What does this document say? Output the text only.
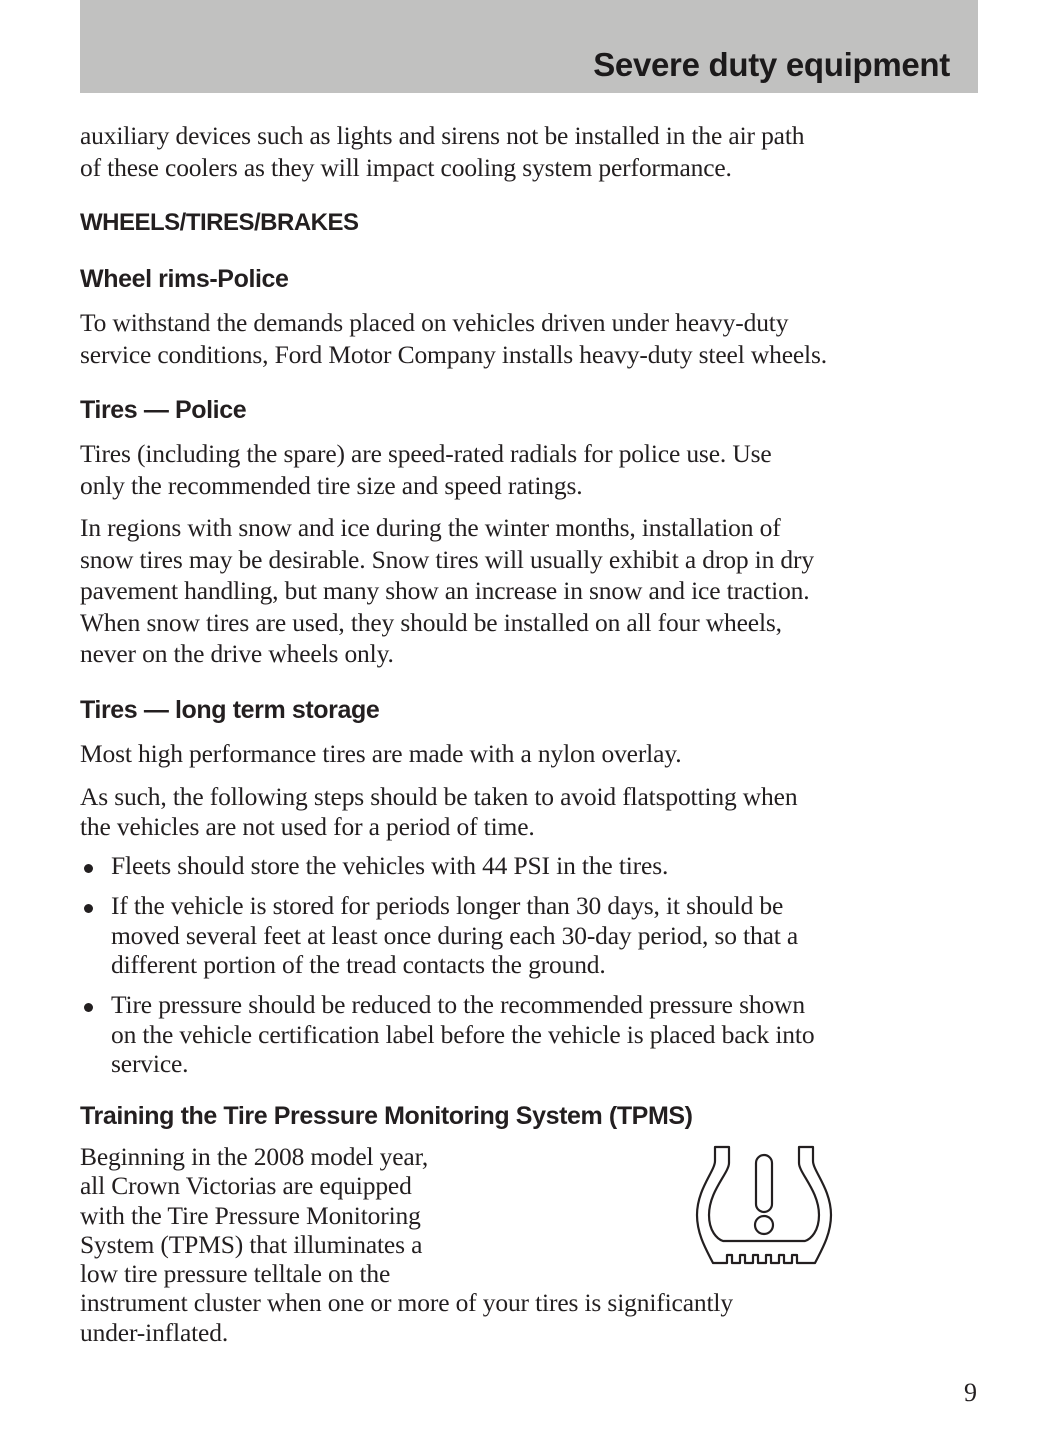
Severe duty equipment
auxiliary devices such as lights and sirens not be installed in the air path
of these coolers as they will impact cooling system performance.
WHEELS/TIRES/BRAKES
Wheel rims-Police
To withstand the demands placed on vehicles driven under heavy-duty
service conditions, Ford Motor Company installs heavy-duty steel wheels.
Tires — Police
Tires (including the spare) are speed-rated radials for police use. Use
only the recommended tire size and speed ratings.
In regions with snow and ice during the winter months, installation of
snow tires may be desirable. Snow tires will usually exhibit a drop in dry
pavement handling, but many show an increase in snow and ice traction.
When snow tires are used, they should be installed on all four wheels,
never on the drive wheels only.
Tires — long term storage
Most high performance tires are made with a nylon overlay.
As such, the following steps should be taken to avoid flatspotting when
the vehicles are not used for a period of time.
Fleets should store the vehicles with 44 PSI in the tires.
If the vehicle is stored for periods longer than 30 days, it should be
moved several feet at least once during each 30-day period, so that a
different portion of the tread contacts the ground.
Tire pressure should be reduced to the recommended pressure shown
on the vehicle certification label before the vehicle is placed back into
service.
Training the Tire Pressure Monitoring System (TPMS)
Beginning in the 2008 model year,
all Crown Victorias are equipped
with the Tire Pressure Monitoring
System (TPMS) that illuminates a
low tire pressure telltale on the
instrument cluster when one or more of your tires is significantly
under-inflated.
9
